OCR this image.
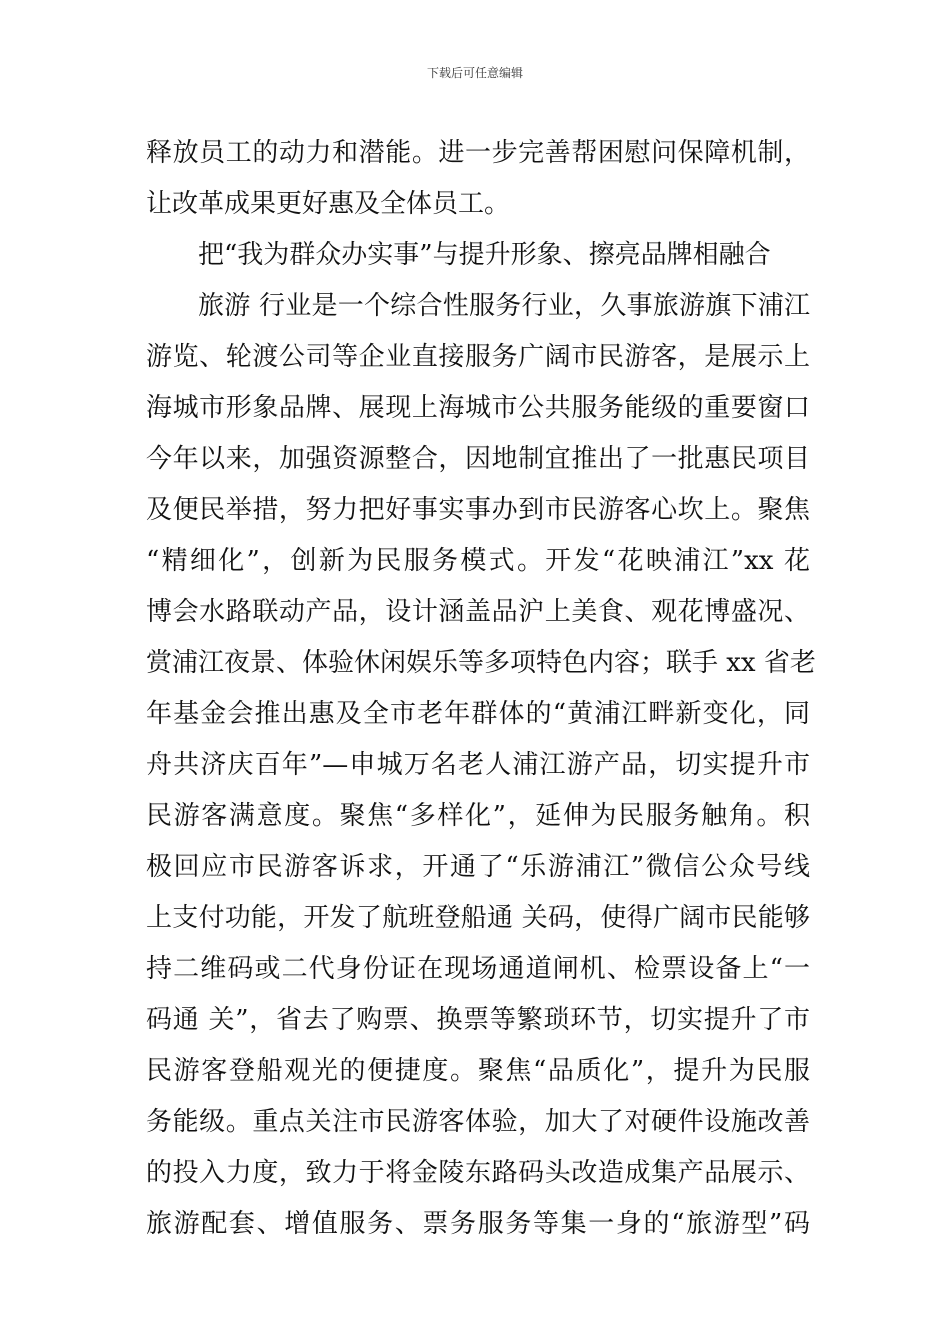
下载后可任意编辑
释放员工的动力和潜能。进一步完善帮困慰问保障机制，
让改革成果更好惠及全体员工。
把“我为群众办实事”与提升形象、擦亮品牌相融合
旅游 行业是一个综合性服务行业，久事旅游旗下浦江
游览、轮渡公司等企业直接服务广阔市民游客，是展示上
海城市形象品牌、展现上海城市公共服务能级的重要窗口
今年以来，加强资源整合，因地制宜推出了一批惠民项目
及便民举措，努力把好事实事办到市民游客心坎上。聚焦
“精细化”，创新为民服务模式。开发“花映浦江”xx 花
博会水路联动产品，设计涵盖品沪上美食、观花博盛况、
赏浦江夜景、体验休闲娱乐等多项特色内容；联手 xx 省老
年基金会推出惠及全市老年群体的“黄浦江畔新变化，同
舟共济庆百年”—申城万名老人浦江游产品，切实提升市
民游客满意度。聚焦“多样化”，延伸为民服务触角。积
极回应市民游客诉求，开通了“乐游浦江”微信公众号线
上支付功能，开发了航班登船通 关码，使得广阔市民能够
持二维码或二代身份证在现场通道闸机、检票设备上“一
码通 关”，省去了购票、换票等繁琐环节，切实提升了市
民游客登船观光的便捷度。聚焦“品质化”，提升为民服
务能级。重点关注市民游客体验，加大了对硬件设施改善
的投入力度，致力于将金陵东路码头改造成集产品展示、
旅游配套、增值服务、票务服务等集一身的“旅游型”码
